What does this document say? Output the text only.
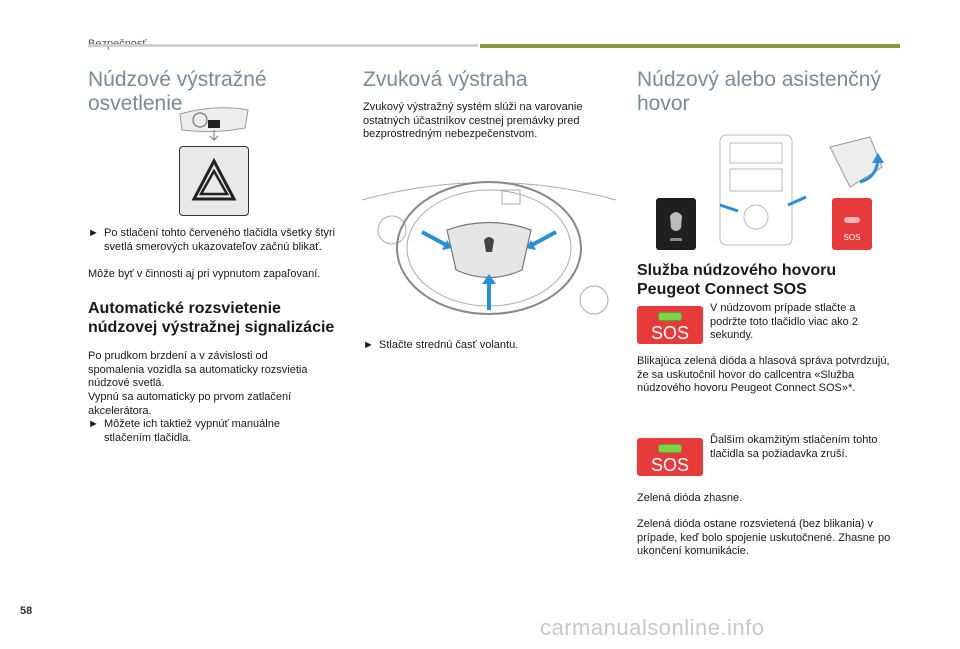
Núdzové výstražné osvetlenie
► Po stlačení tohto červeného tlačidla všetky štyri svetlá smerových ukazovateľov začnú blikať.
Môže byť v činnosti aj pri vypnutom zapaľovaní.
Automatické rozsvietenie
núdzovej výstražnej signalizácie
Po prudkom brzdení a v závislosti od spomalenia vozidla sa automaticky rozsvietia núdzové svetlá.
Vypnú sa automaticky po prvom zatlačení akcelerátora.
► Môžete ich taktiež vypnúť manuálne stlačením tlačidla.
Zvuková výstraha
Zvukový výstražný systém slúži na varovanie ostatných účastníkov cestnej premávky pred bezprostredným nebezpečenstvom.
► Stlačte strednú časť volantu.
Núdzový alebo asistenčný
hovor
SOS
Služba núdzového hovoru
Peugeot Connect SOS
SOS
V núdzovom prípade stlačte a podržte toto tlačidlo viac ako 2 sekundy.
Blikajúca zelená dióda a hlasová správa potvrdzujú, že sa uskutočnil hovor do callcentra «Služba núdzového hovoru Peugeot Connect SOS»*.
SOS
Ďalším okamžitým stlačením tohto tlačidla sa požiadavka zruší.
Zelená dióda zhasne.
Zelená dióda ostane rozsvietená (bez blikania) v prípade, keď bolo spojenie uskutočnené. Zhasne po ukončení komunikácie.
58
carmanualsonline.info
